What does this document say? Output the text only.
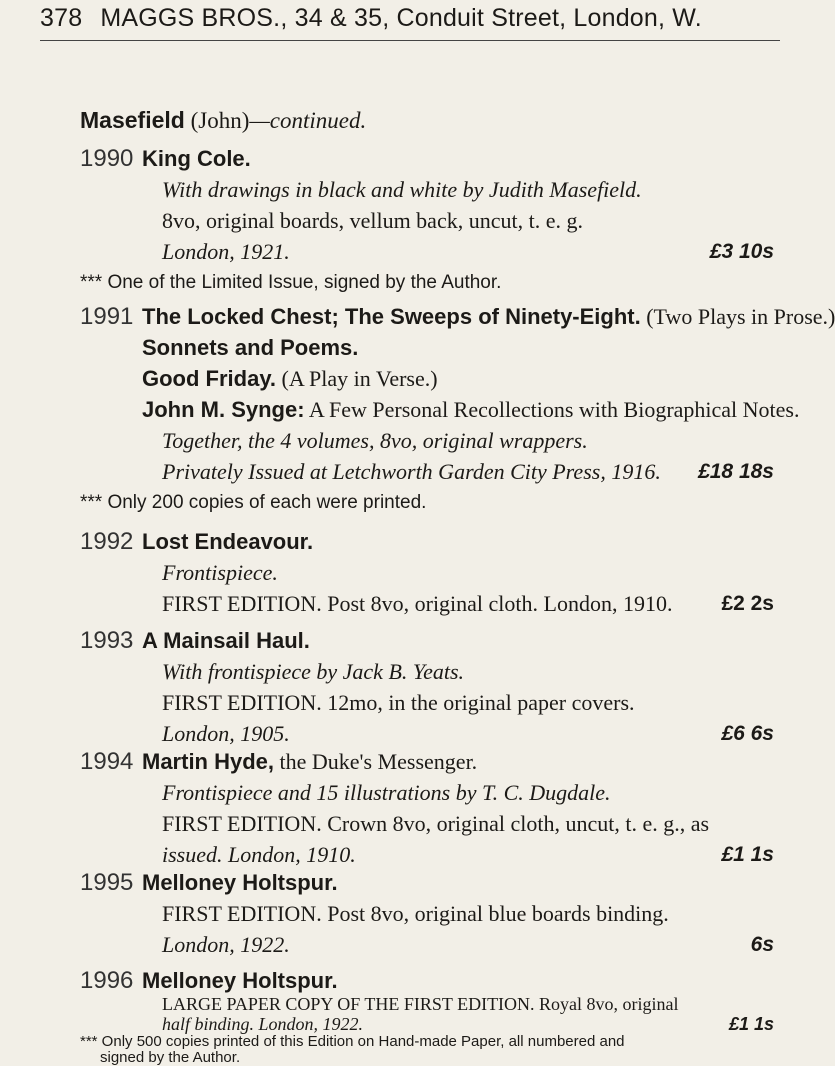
378 MAGGS BROS., 34 & 35, Conduit Street, London, W.
Masefield (John)—continued.
1990 King Cole.
With drawings in black and white by Judith Masefield.
8vo, original boards, vellum back, uncut, t. e. g.
London, 1921.	£3 10s
*** One of the Limited Issue, signed by the Author.
1991 The Locked Chest; The Sweeps of Ninety-Eight. (Two Plays in Prose.)
Sonnets and Poems.
Good Friday. (A Play in Verse.)
John M. Synge: A Few Personal Recollections with Biographical Notes.
Together, the 4 volumes, 8vo, original wrappers.
Privately Issued at Letchworth Garden City Press, 1916. £18 18s
*** Only 200 copies of each were printed.
1992 Lost Endeavour.
Frontispiece.
FIRST EDITION. Post 8vo, original cloth. London, 1910. £2 2s
1993 A Mainsail Haul.
With frontispiece by Jack B. Yeats.
FIRST EDITION. 12mo, in the original paper covers.
London, 1905.	£6 6s
1994 Martin Hyde, the Duke's Messenger.
Frontispiece and 15 illustrations by T. C. Dugdale.
FIRST EDITION. Crown 8vo, original cloth, uncut, t. e. g., as
issued. London, 1910.	£1 1s
1995 Melloney Holtspur.
FIRST EDITION. Post 8vo, original blue boards binding.
London, 1922.	6s
1996 Melloney Holtspur.
LARGE PAPER COPY OF THE FIRST EDITION. Royal 8vo, original
half binding. London, 1922.	£1 1s
*** Only 500 copies printed of this Edition on Hand-made Paper, all numbered and
signed by the Author.
